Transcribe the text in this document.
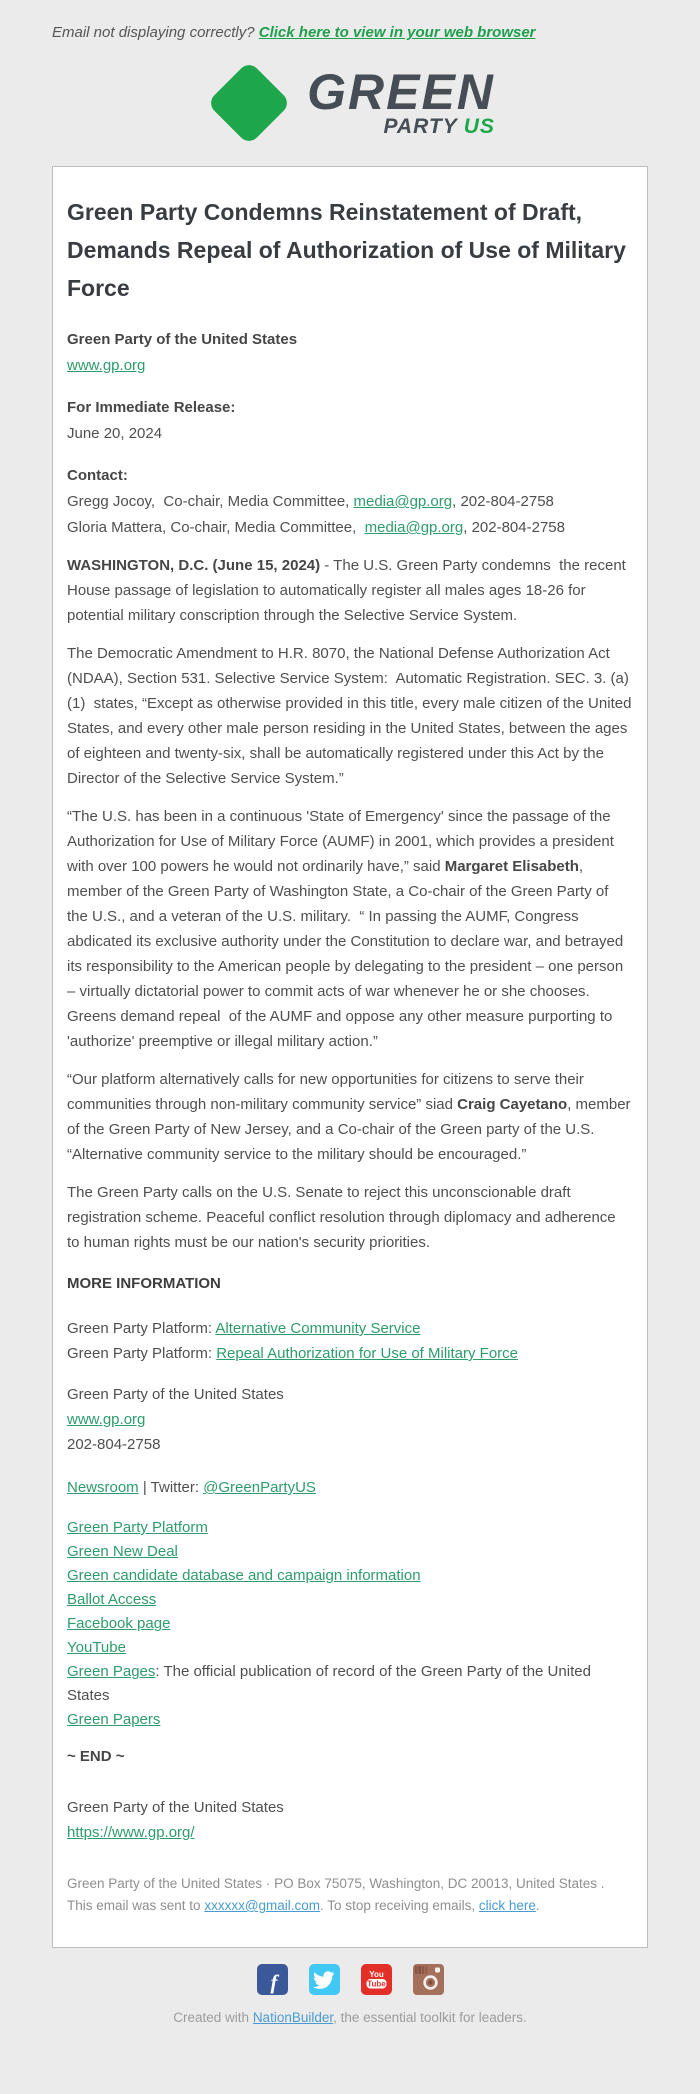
Email not displaying correctly? Click here to view in your web browser
GREEN
PARTY US
Green Party Condemns Reinstatement of Draft, Demands Repeal of Authorization of Use of Military Force
Green Party of the United States
www.gp.org
For Immediate Release:
June 20, 2024
Contact:
Gregg Jocoy,  Co-chair, Media Committee, media@gp.org, 202-804-2758
Gloria Mattera, Co-chair, Media Committee,  media@gp.org, 202-804-2758

WASHINGTON, D.C. (June 15, 2024) - The U.S. Green Party condemns  the recent House passage of legislation to automatically register all males ages 18-26 for potential military conscription through the Selective Service System.

The Democratic Amendment to H.R. 8070, the National Defense Authorization Act (NDAA), Section 531. Selective Service System:  Automatic Registration. SEC. 3. (a)(1)  states, “Except as otherwise provided in this title, every male citizen of the United States, and every other male person residing in the United States, between the ages of eighteen and twenty-six, shall be automatically registered under this Act by the Director of the Selective Service System.”

“The U.S. has been in a continuous 'State of Emergency' since the passage of the Authorization for Use of Military Force (AUMF) in 2001, which provides a president with over 100 powers he would not ordinarily have,” said Margaret Elisabeth, member of the Green Party of Washington State, a Co-chair of the Green Party of the U.S., and a veteran of the U.S. military.  “ In passing the AUMF, Congress abdicated its exclusive authority under the Constitution to declare war, and betrayed its responsibility to the American people by delegating to the president – one person – virtually dictatorial power to commit acts of war whenever he or she chooses. Greens demand repeal  of the AUMF and oppose any other measure purporting to 'authorize' preemptive or illegal military action.”

“Our platform alternatively calls for new opportunities for citizens to serve their communities through non-military community service” siad Craig Cayetano, member of the Green Party of New Jersey, and a Co-chair of the Green party of the U.S. “Alternative community service to the military should be encouraged.”

The Green Party calls on the U.S. Senate to reject this unconscionable draft registration scheme. Peaceful conflict resolution through diplomacy and adherence to human rights must be our nation's security priorities.

MORE INFORMATION
Green Party Platform: Alternative Community Service
Green Party Platform: Repeal Authorization for Use of Military Force
Green Party of the United States
www.gp.org
202-804-2758
Newsroom | Twitter: @GreenPartyUS
Green Party Platform
Green New Deal
Green candidate database and campaign information
Ballot Access
Facebook page
YouTube
Green Pages: The official publication of record of the Green Party of the United States
Green Papers
~ END ~
Green Party of the United States
https://www.gp.org/
Green Party of the United States · PO Box 75075, Washington, DC 20013, United States . This email was sent to xxxxxx@gmail.com. To stop receiving emails, click here.
f	You
Tube
Created with NationBuilder, the essential toolkit for leaders.
